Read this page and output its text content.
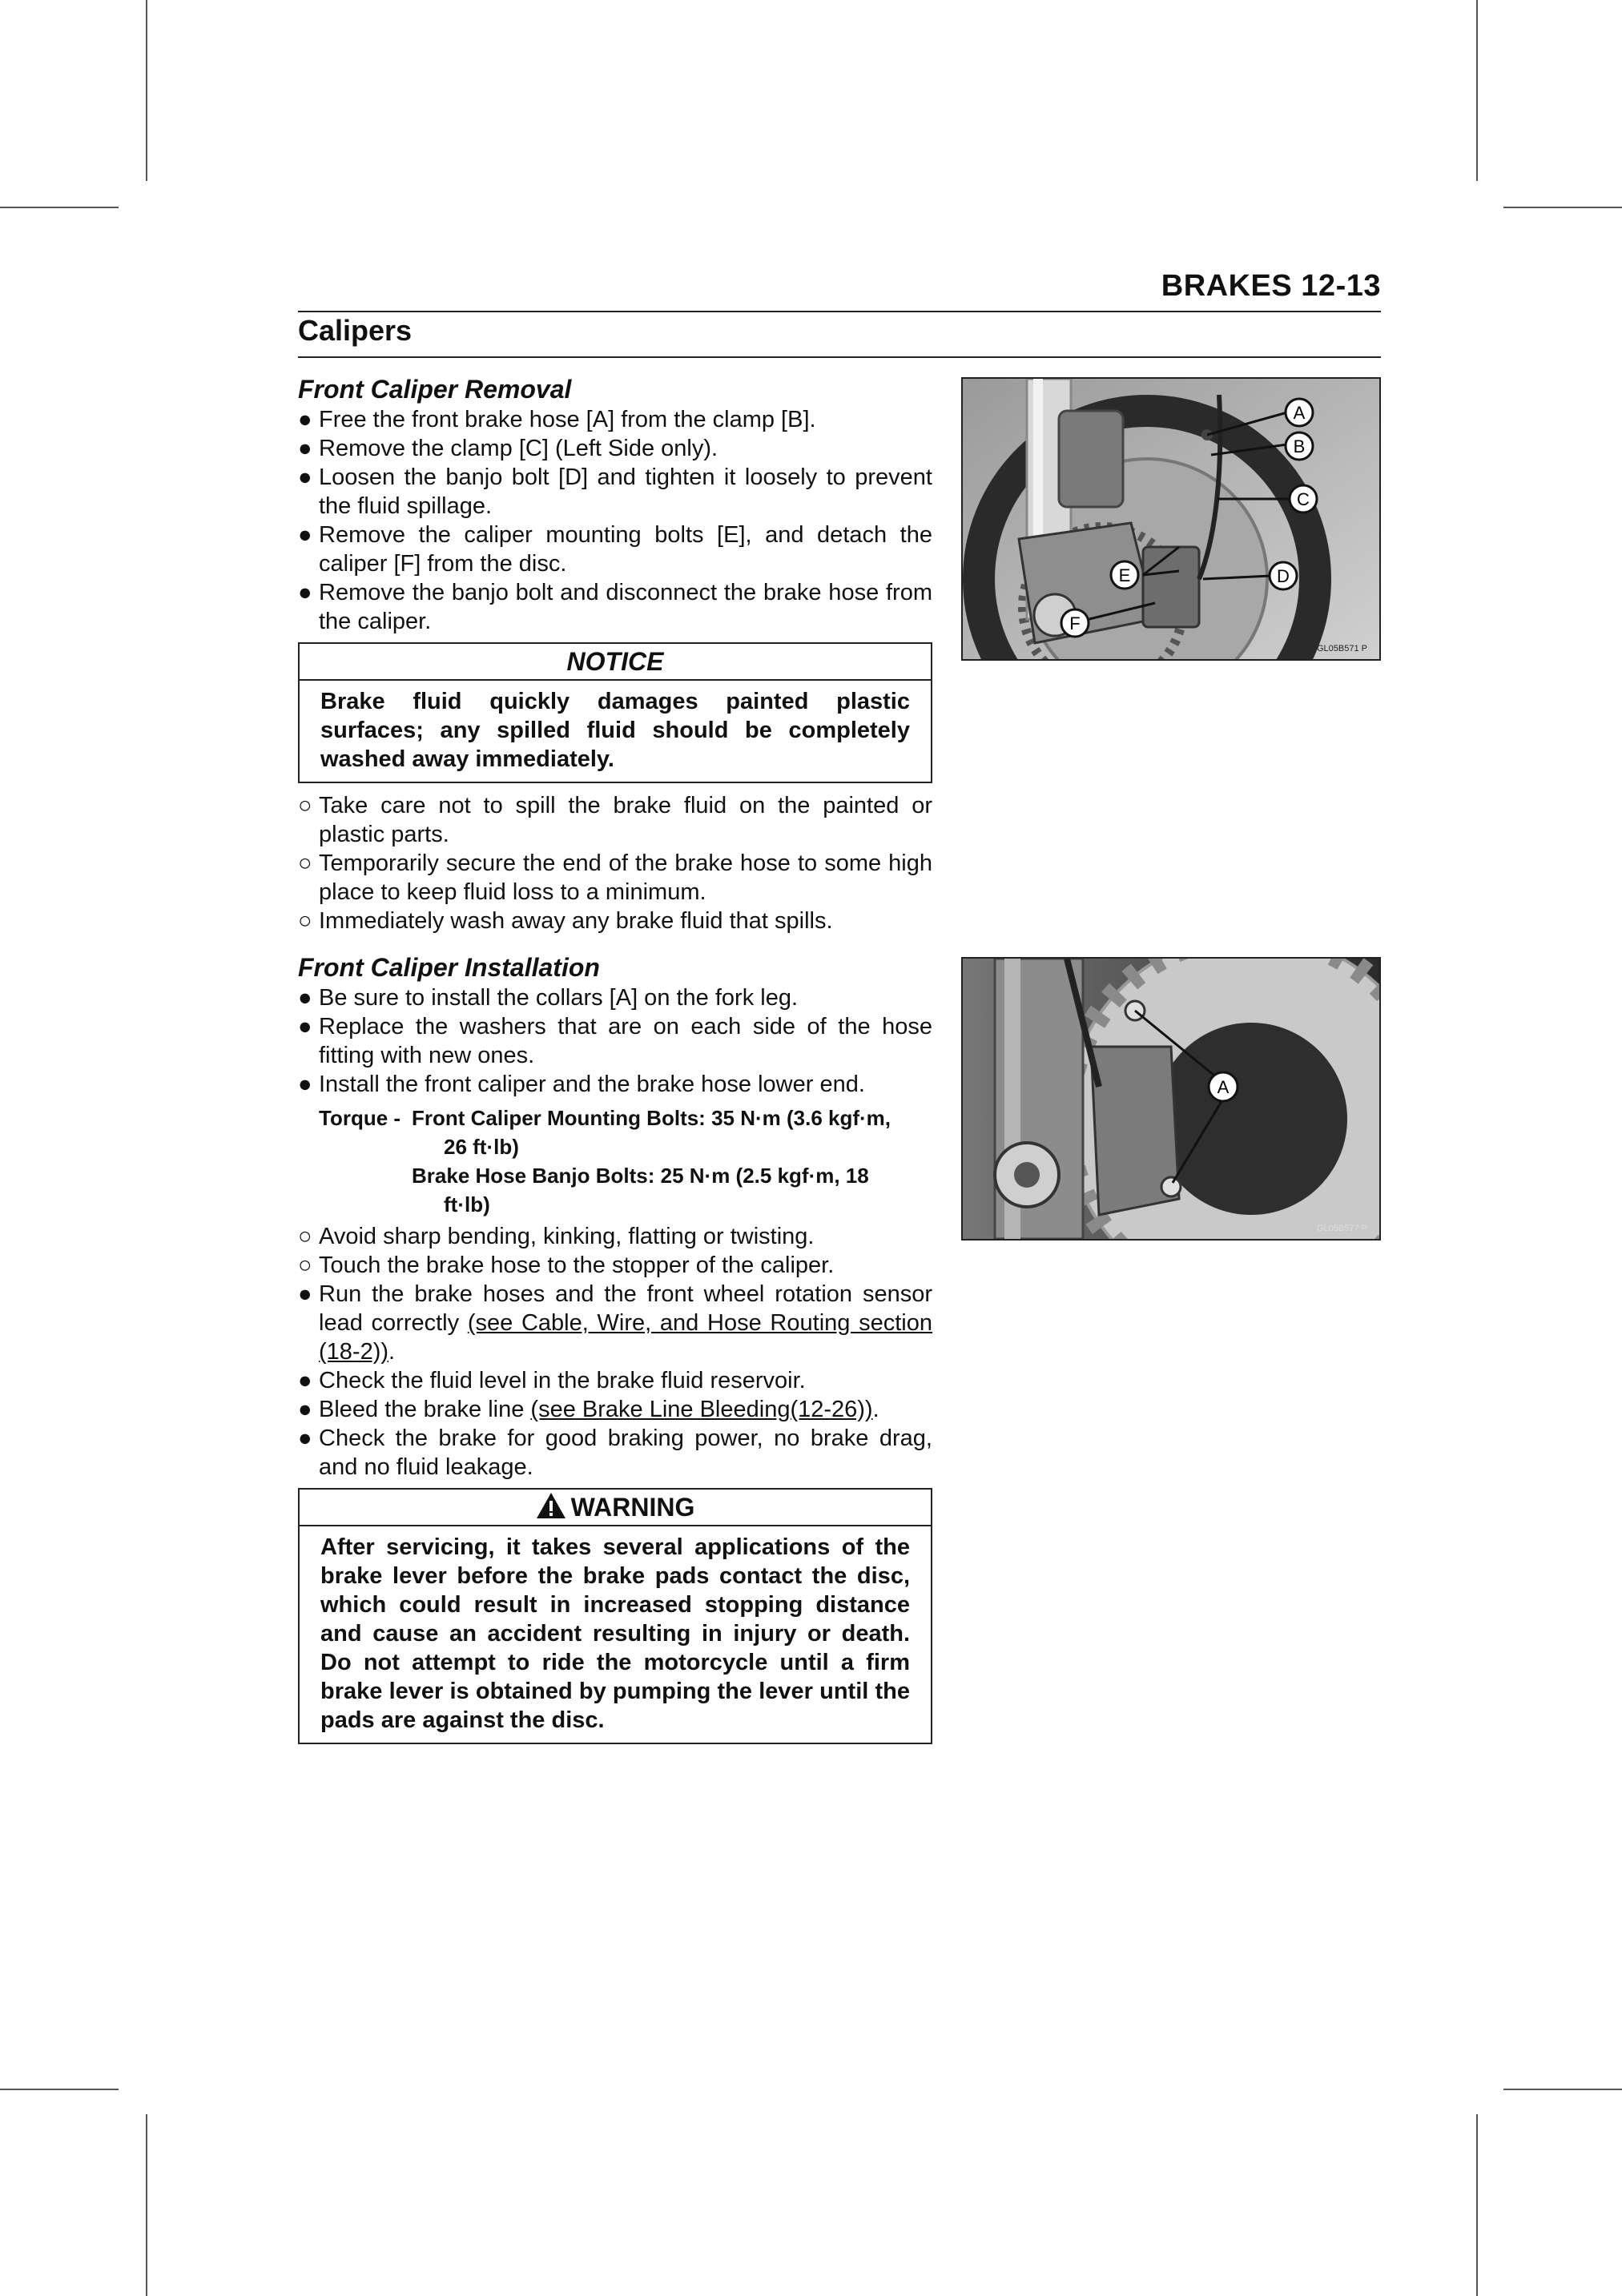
BRAKES 12-13
Calipers
Front Caliper Removal
● Free the front brake hose [A] from the clamp [B].
● Remove the clamp [C] (Left Side only).
● Loosen the banjo bolt [D] and tighten it loosely to prevent the fluid spillage.
● Remove the caliper mounting bolts [E], and detach the caliper [F] from the disc.
● Remove the banjo bolt and disconnect the brake hose from the caliper.
NOTICE
Brake fluid quickly damages painted plastic surfaces; any spilled fluid should be completely washed away immediately.
○ Take care not to spill the brake fluid on the painted or plastic parts.
○ Temporarily secure the end of the brake hose to some high place to keep fluid loss to a minimum.
○ Immediately wash away any brake fluid that spills.
Front Caliper Installation
● Be sure to install the collars [A] on the fork leg.
● Replace the washers that are on each side of the hose fitting with new ones.
● Install the front caliper and the brake hose lower end.
Torque - Front Caliper Mounting Bolts: 35 N·m (3.6 kgf·m,
26 ft·lb)
Brake Hose Banjo Bolts: 25 N·m (2.5 kgf·m, 18
ft·lb)
○ Avoid sharp bending, kinking, flatting or twisting.
○ Touch the brake hose to the stopper of the caliper.
● Run the brake hoses and the front wheel rotation sensor lead correctly (see Cable, Wire, and Hose Routing section (18-2)).
● Check the fluid level in the brake fluid reservoir.
● Bleed the brake line (see Brake Line Bleeding(12-26)).
● Check the brake for good braking power, no brake drag, and no fluid leakage.
WARNING
After servicing, it takes several applications of the brake lever before the brake pads contact the disc, which could result in increased stopping distance and cause an accident resulting in injury or death. Do not attempt to ride the motorcycle until a firm brake lever is obtained by pumping the lever until the pads are against the disc.
A
B
C
D
E
F
GL05B571 P
A
GL05B577 P
